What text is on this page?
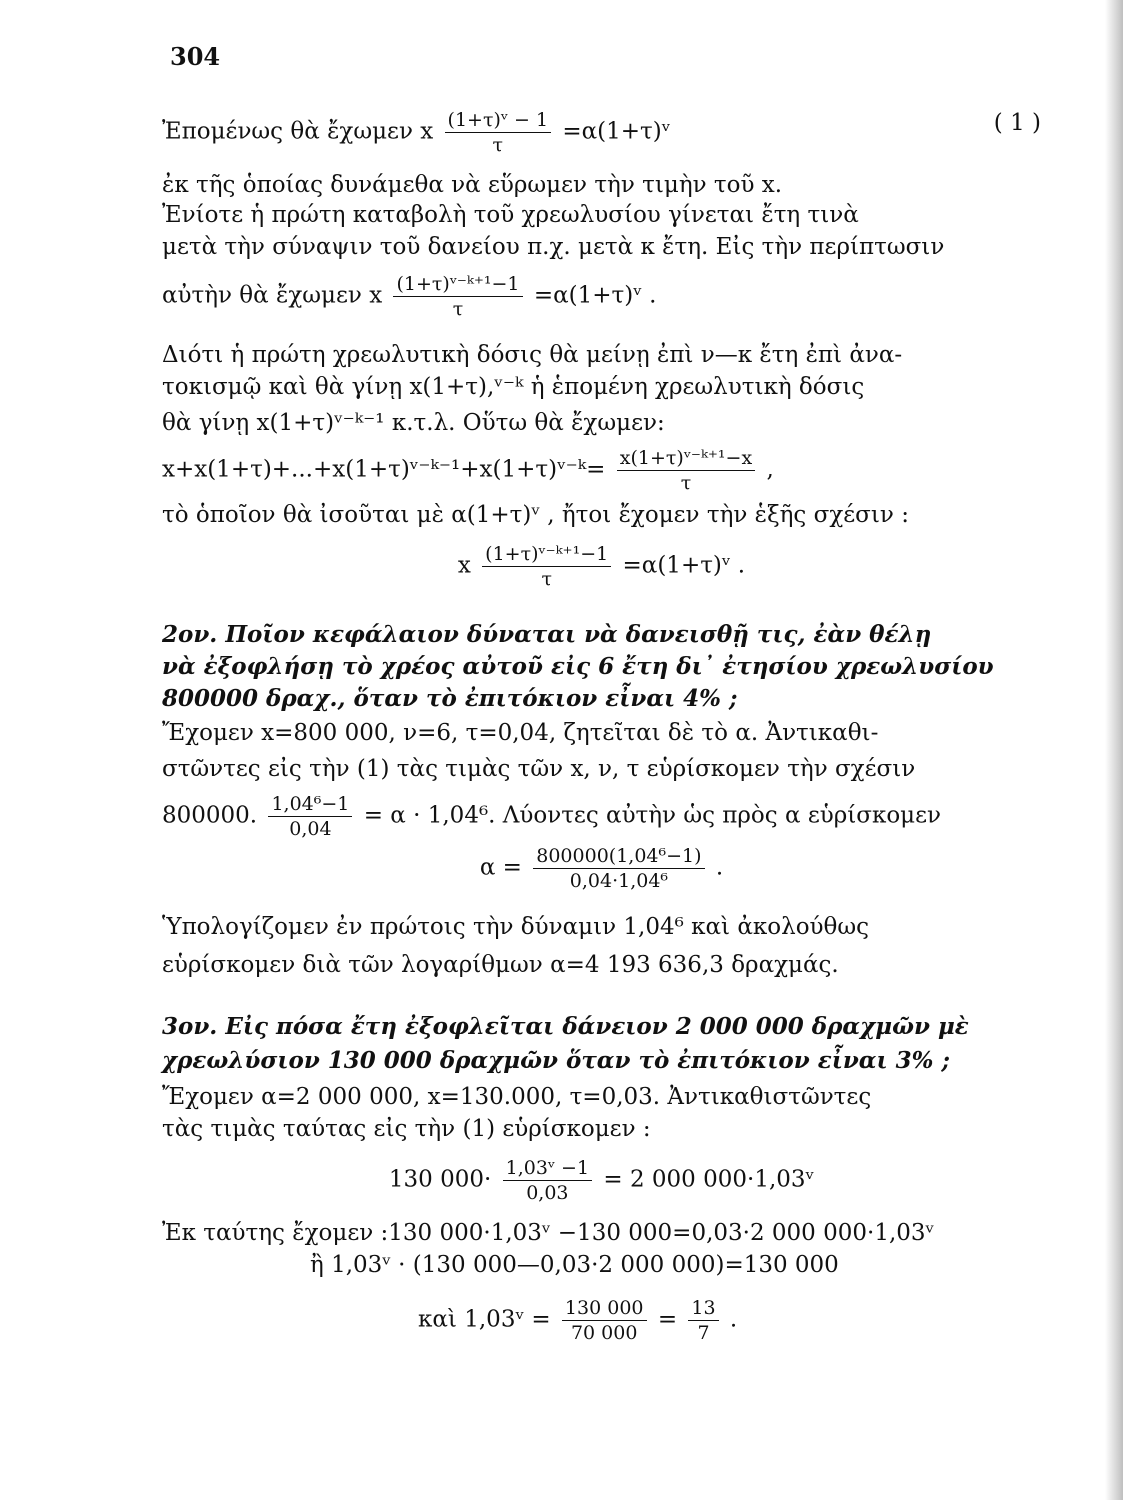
304
Ἐπομένως θὰ ἔχωμεν x $\frac{\text{(1+τ)ᵛ − 1}}{\tau}$ =α(1+τ)ᵛ	( 1 )
ἐκ τῆς ὁποίας δυνάμεθα νὰ εὕρωμεν τὴν τιμὴν τοῦ x.
Ἐνίοτε ἡ πρώτη καταβολὴ τοῦ χρεωλυσίου γίνεται ἔτη τινὰ
μετὰ τὴν σύναψιν τοῦ δανείου π.χ. μετὰ κ ἔτη. Εἰς τὴν περίπτωσιν
αὐτὴν θὰ ἔχωμεν x $\frac{\text{(1+τ)ᵛ⁻ᵏ⁺¹−1}}{\tau}$ =α(1+τ)ᵛ .
Διότι ἡ πρώτη χρεωλυτικὴ δόσις θὰ μείνῃ ἐπὶ ν—κ ἔτη ἐπὶ ἀνα-
τοκισμῷ καὶ θὰ γίνῃ x(1+τ),ᵛ⁻ᵏ ἡ ἑπομένη χρεωλυτικὴ δόσις
θὰ γίνῃ x(1+τ)ᵛ⁻ᵏ⁻¹ κ.τ.λ. Οὕτω θὰ ἔχωμεν:
x+x(1+τ)+...+x(1+τ)ᵛ⁻ᵏ⁻¹+x(1+τ)ᵛ⁻ᵏ= $\frac{\text{x(1+τ)ᵛ⁻ᵏ⁺¹−x}}{\tau}$ ,
τὸ ὁποῖον θὰ ἰσοῦται μὲ α(1+τ)ᵛ , ἤτοι ἔχομεν τὴν ἑξῆς σχέσιν :
x $\frac{\text{(1+τ)ᵛ⁻ᵏ⁺¹−1}}{\tau}$ =α(1+τ)ᵛ .
2ον. Ποῖον κεφάλαιον δύναται νὰ δανεισθῇ τις, ἐὰν θέλῃ
νὰ ἐξοφλήσῃ τὸ χρέος αὐτοῦ εἰς 6 ἔτη δι᾿ ἐτησίου χρεωλυσίου
800000 δραχ., ὅταν τὸ ἐπιτόκιον εἶναι 4% ;
Ἔχομεν x=800 000, ν=6, τ=0,04, ζητεῖται δὲ τὸ α. Ἀντικαθι-
στῶντες εἰς τὴν (1) τὰς τιμὰς τῶν x, ν, τ εὑρίσκομεν τὴν σχέσιν
800000. $\frac{\text{1,04⁶−1}}{0,04} = \alpha \cdot 1,04^6$. Λύοντες αὐτὴν ὡς πρὸς α εὑρίσκομεν
$\alpha = \frac{\text{800000(1,04⁶−1)}}{\text{0,04·1,04⁶}}$ .
Ὑπολογίζομεν ἐν πρώτοις τὴν δύναμιν 1,04⁶ καὶ ἀκολούθως
εὑρίσκομεν διὰ τῶν λογαρίθμων α=4 193 636,3 δραχμάς.
3ον. Εἰς πόσα ἔτη ἐξοφλεῖται δάνειον 2 000 000 δραχμῶν μὲ
χρεωλύσιον 130 000 δραχμῶν ὅταν τὸ ἐπιτόκιον εἶναι 3% ;
Ἔχομεν α=2 000 000, x=130.000, τ=0,03. Ἀντικαθιστῶντες
τὰς τιμὰς ταύτας εἰς τὴν (1) εὑρίσκομεν :
130 $000\cdot \frac{\text{1,03ᵛ −1}}{0,03} = 2$ 000 000·1,03ᵛ
Ἐκ ταύτης ἔχομεν :130 000·1,03ᵛ −130 000=0,03·2 000 000·1,03ᵛ
ἢ 1,03ᵛ · (130 000—0,03·2 000 000)=130 000
καὶ 1,03ᵛ = $\frac{130 000}{70 000} = \frac{13}{7}$ .
